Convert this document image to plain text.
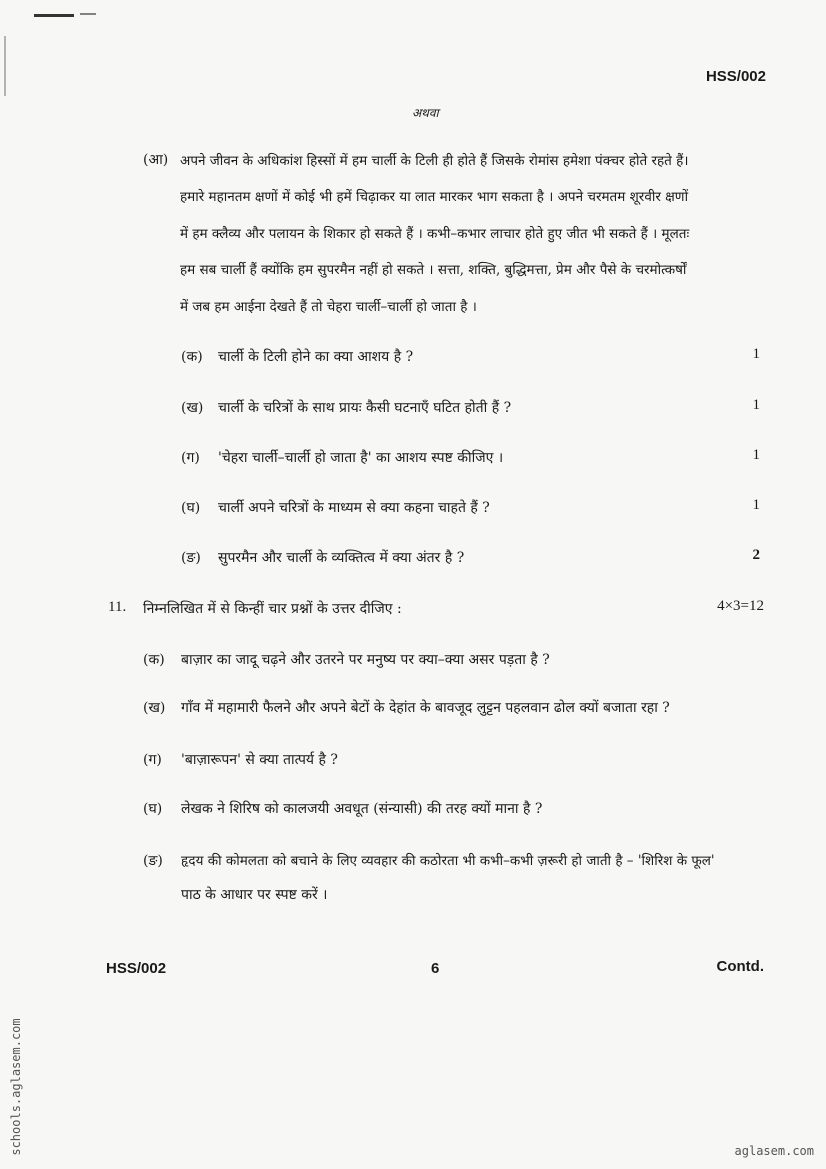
HSS/002
अथवा
(आ) अपने जीवन के अधिकांश हिस्सों में हम चार्ली के टिली ही होते हैं जिसके रोमांस हमेशा पंक्चर होते रहते हैं।
हमारे महानतम क्षणों में कोई भी हमें चिढ़ाकर या लात मारकर भाग सकता है । अपने चरमतम शूरवीर क्षणों
में हम क्लैव्य और पलायन के शिकार हो सकते हैं । कभी–कभार लाचार होते हुए जीत भी सकते हैं । मूलतः
हम सब चार्ली हैं क्योंकि हम सुपरमैन नहीं हो सकते । सत्ता, शक्ति, बुद्धिमत्ता, प्रेम और पैसे के चरमोत्कर्षों
में जब हम आईना देखते हैं तो चेहरा चार्ली–चार्ली हो जाता है ।
(क) चार्ली के टिली होने का क्या आशय है ?	1
(ख) चार्ली के चरित्रों के साथ प्रायः कैसी घटनाएँ घटित होती हैं ?	1
(ग) 'चेहरा चार्ली–चार्ली हो जाता है' का आशय स्पष्ट कीजिए ।	1
(घ) चार्ली अपने चरित्रों के माध्यम से क्या कहना चाहते हैं ?	1
(ङ) सुपरमैन और चार्ली के व्यक्तित्व में क्या अंतर है ?	2
11. निम्नलिखित में से किन्हीं चार प्रश्नों के उत्तर दीजिए :	4×3=12
(क) बाज़ार का जादू चढ़ने और उतरने पर मनुष्य पर क्या–क्या असर पड़ता है ?
(ख) गाँव में महामारी फैलने और अपने बेटों के देहांत के बावजूद लुट्टन पहलवान ढोल क्यों बजाता रहा ?
(ग) 'बाज़ारूपन' से क्या तात्पर्य है ?
(घ) लेखक ने शिरिष को कालजयी अवधूत (संन्यासी) की तरह क्यों माना है ?
(ङ) हृदय की कोमलता को बचाने के लिए व्यवहार की कठोरता भी कभी–कभी ज़रूरी हो जाती है – 'शिरिश के फूल'
पाठ के आधार पर स्पष्ट करें ।
HSS/002	6	Contd.
schools.aglasem.com	aglasem.com
